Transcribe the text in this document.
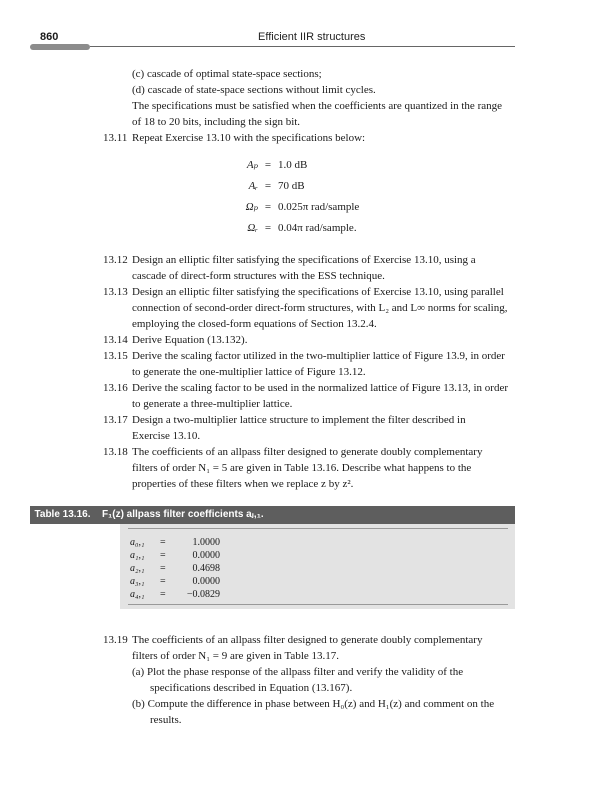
860	Efficient IIR structures
(c) cascade of optimal state-space sections;
(d) cascade of state-space sections without limit cycles.
The specifications must be satisfied when the coefficients are quantized in the range
of 18 to 20 bits, including the sign bit.
13.11 Repeat Exercise 13.10 with the specifications below:
Aₚ = 1.0 dB
Aᵣ = 70 dB
Ωₚ = 0.025π rad/sample
Ωᵣ = 0.04π rad/sample.
13.12 Design an elliptic filter satisfying the specifications of Exercise 13.10, using a
cascade of direct-form structures with the ESS technique.
13.13 Design an elliptic filter satisfying the specifications of Exercise 13.10, using parallel
connection of second-order direct-form structures, with L₂ and L∞ norms for scaling,
employing the closed-form equations of Section 13.2.4.
13.14 Derive Equation (13.132).
13.15 Derive the scaling factor utilized in the two-multiplier lattice of Figure 13.9, in order
to generate the one-multiplier lattice of Figure 13.12.
13.16 Derive the scaling factor to be used in the normalized lattice of Figure 13.13, in order
to generate a three-multiplier lattice.
13.17 Design a two-multiplier lattice structure to implement the filter described in
Exercise 13.10.
13.18 The coefficients of an allpass filter designed to generate doubly complementary
filters of order N₁ = 5 are given in Table 13.16. Describe what happens to the
properties of these filters when we replace z by z².
Table 13.16.	F₁(z) allpass filter coefficients aⱼ,₁.
a₀,₁ =	1.0000
a₁,₁ =	0.0000
a₂,₁ =	0.4698
a₃,₁ =	0.0000
a₄,₁ = −0.0829
13.19 The coefficients of an allpass filter designed to generate doubly complementary
filters of order N₁ = 9 are given in Table 13.17.
(a) Plot the phase response of the allpass filter and verify the validity of the
specifications described in Equation (13.167).
(b) Compute the difference in phase between H₀(z) and H₁(z) and comment on the
results.
